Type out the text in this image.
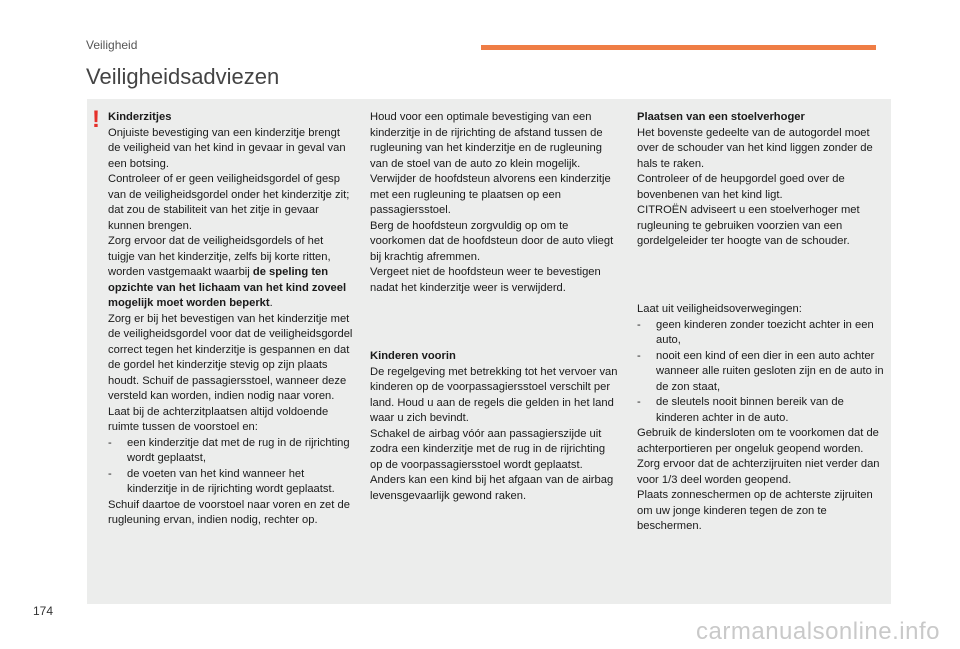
Veiligheid
Veiligheidsadviezen
! Kinderzitjes

Onjuiste bevestiging van een kinderzitje brengt de veiligheid van het kind in gevaar in geval van een botsing.

Controleer of er geen veiligheidsgordel of gesp van de veiligheidsgordel onder het kinderzitje zit; dat zou de stabiliteit van het zitje in gevaar kunnen brengen.

Zorg ervoor dat de veiligheidsgordels of het tuigje van het kinderzitje, zelfs bij korte ritten, worden vastgemaakt waarbij de speling ten opzichte van het lichaam van het kind zoveel mogelijk moet worden beperkt.

Zorg er bij het bevestigen van het kinderzitje met de veiligheidsgordel voor dat de veiligheidsgordel correct tegen het kinderzitje is gespannen en dat de gordel het kinderzitje stevig op zijn plaats houdt. Schuif de passagiersstoel, wanneer deze versteld kan worden, indien nodig naar voren.

Laat bij de achterzitplaatsen altijd voldoende ruimte tussen de voorstoel en:

-	een kinderzitje dat met de rug in de rijrichting wordt geplaatst,
-	de voeten van het kind wanneer het kinderzitje in de rijrichting wordt geplaatst.

Schuif daartoe de voorstoel naar voren en zet de rugleuning ervan, indien nodig, rechter op.

Houd voor een optimale bevestiging van een kinderzitje in de rijrichting de afstand tussen de rugleuning van het kinderzitje en de rugleuning van de stoel van de auto zo klein mogelijk.

Verwijder de hoofdsteun alvorens een kinderzitje met een rugleuning te plaatsen op een passagiersstoel.

Berg de hoofdsteun zorgvuldig op om te voorkomen dat de hoofdsteun door de auto vliegt bij krachtig afremmen.

Vergeet niet de hoofdsteun weer te bevestigen nadat het kinderzitje weer is verwijderd.

Kinderen voorin

De regelgeving met betrekking tot het vervoer van kinderen op de voorpassagiersstoel verschilt per land. Houd u aan de regels die gelden in het land waar u zich bevindt.

Schakel de airbag vóór aan passagierszijde uit zodra een kinderzitje met de rug in de rijrichting op de voorpassagiersstoel wordt geplaatst. Anders kan een kind bij het afgaan van de airbag levensgevaarlijk gewond raken.

Plaatsen van een stoelverhoger

Het bovenste gedeelte van de autogordel moet over de schouder van het kind liggen zonder de hals te raken.

Controleer of de heupgordel goed over de bovenbenen van het kind ligt.

CITROËN adviseert u een stoelverhoger met rugleuning te gebruiken voorzien van een gordelgeleider ter hoogte van de schouder.

Laat uit veiligheidsoverwegingen:

-	geen kinderen zonder toezicht achter in een auto,
-	nooit een kind of een dier in een auto achter wanneer alle ruiten gesloten zijn en de auto in de zon staat,
-	de sleutels nooit binnen bereik van de kinderen achter in de auto.

Gebruik de kindersloten om te voorkomen dat de achterportieren per ongeluk geopend worden.

Zorg ervoor dat de achterzijruiten niet verder dan voor 1/3 deel worden geopend.

Plaats zonneschermen op de achterste zijruiten om uw jonge kinderen tegen de zon te beschermen.

174
carmanualsonline.info
